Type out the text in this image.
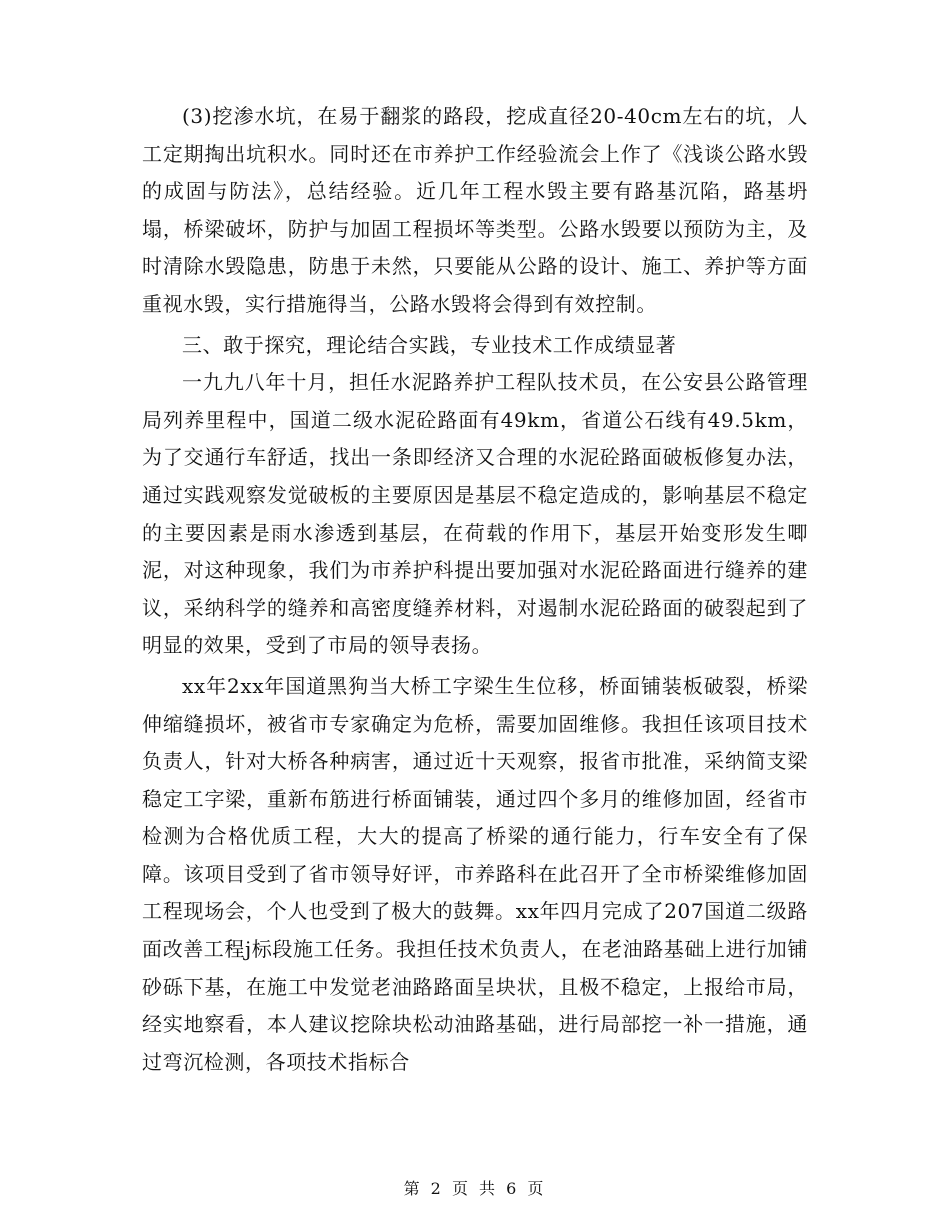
(3)挖渗水坑，在易于翻浆的路段，挖成直径20-40cm左右的坑，人工定期掏出坑积水。同时还在市养护工作经验流会上作了《浅谈公路水毁的成固与防法》，总结经验。近几年工程水毁主要有路基沉陷，路基坍塌，桥梁破坏，防护与加固工程损坏等类型。公路水毁要以预防为主，及时清除水毁隐患，防患于未然，只要能从公路的设计、施工、养护等方面重视水毁，实行措施得当，公路水毁将会得到有效控制。

三、敢于探究，理论结合实践，专业技术工作成绩显著

一九九八年十月，担任水泥路养护工程队技术员，在公安县公路管理局列养里程中，国道二级水泥砼路面有49km，省道公石线有49.5km，为了交通行车舒适，找出一条即经济又合理的水泥砼路面破板修复办法，通过实践观察发觉破板的主要原因是基层不稳定造成的，影响基层不稳定的主要因素是雨水渗透到基层，在荷载的作用下，基层开始变形发生唧泥，对这种现象，我们为市养护科提出要加强对水泥砼路面进行缝养的建议，采纳科学的缝养和高密度缝养材料，对遏制水泥砼路面的破裂起到了明显的效果，受到了市局的领导表扬。

xx年2xx年国道黑狗当大桥工字梁生生位移，桥面铺装板破裂，桥梁伸缩缝损坏，被省市专家确定为危桥，需要加固维修。我担任该项目技术负责人，针对大桥各种病害，通过近十天观察，报省市批准，采纳简支梁稳定工字梁，重新布筋进行桥面铺装，通过四个多月的维修加固，经省市检测为合格优质工程，大大的提高了桥梁的通行能力，行车安全有了保障。该项目受到了省市领导好评，市养路科在此召开了全市桥梁维修加固工程现场会，个人也受到了极大的鼓舞。xx年四月完成了207国道二级路面改善工程j标段施工任务。我担任技术负责人，在老油路基础上进行加铺砂砾下基，在施工中发觉老油路路面呈块状，且极不稳定，上报给市局，经实地察看，本人建议挖除块松动油路基础，进行局部挖一补一措施，通过弯沉检测，各项技术指标合

第 2 页 共 6 页
